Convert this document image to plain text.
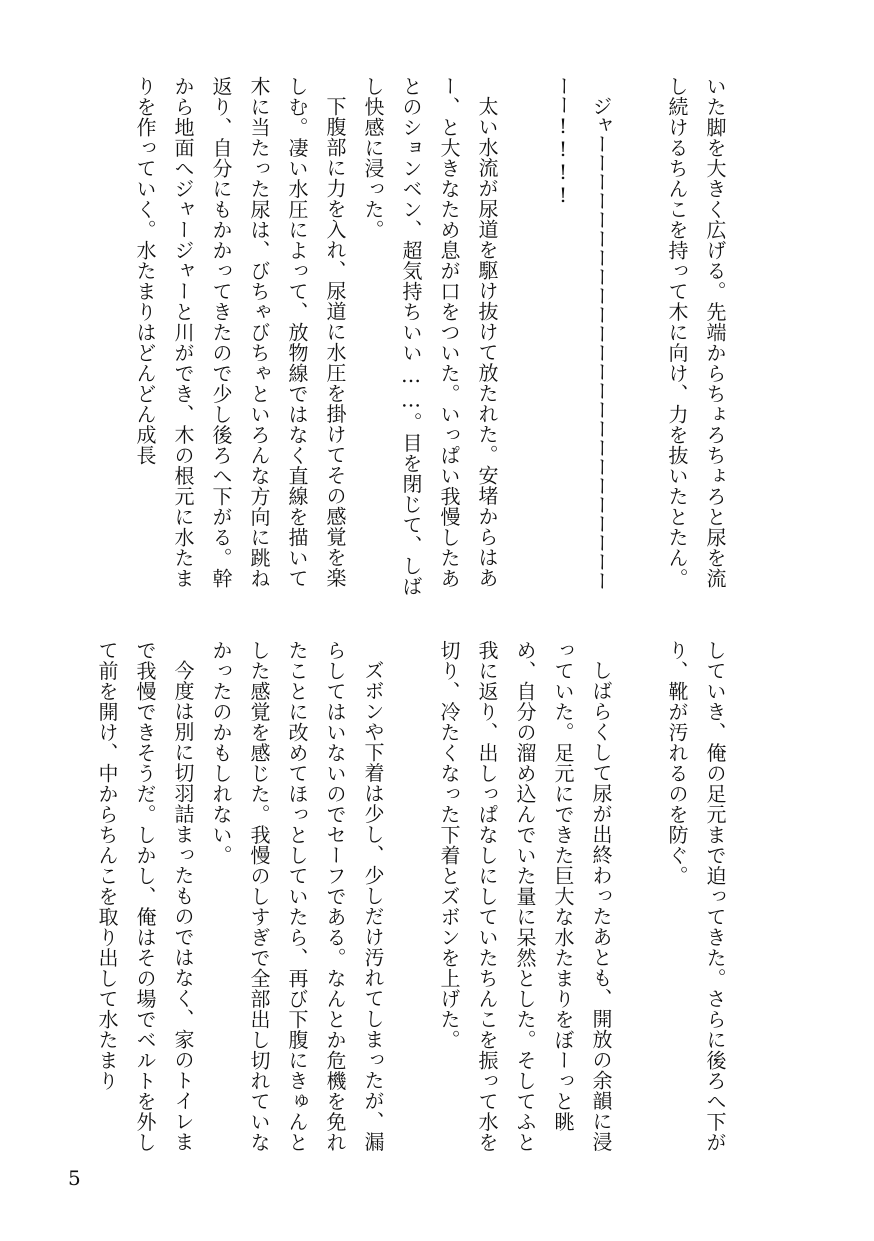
いた脚を大きく広げる。先端からちょろちょろと尿を流し続けるちんこを持って木に向け、力を抜いたとたん。

ジャーーーーーーーーーーーーーーーーーーーーーーーーーー!!!!

太い水流が尿道を駆け抜けて放たれた。安堵からはあー、と大きなため息が口をついた。いっぱい我慢したあとのションベン、超気持ちいい……。目を閉じて、しばし快感に浸った。

下腹部に力を入れ、尿道に水圧を掛けてその感覚を楽しむ。凄い水圧によって、放物線ではなく直線を描いて木に当たった尿は、びちゃびちゃといろんな方向に跳ね返り、自分にもかかってきたので少し後ろへ下がる。幹から地面へジャージャーと川ができ、木の根元に水たまりを作っていく。水たまりはどんどん成長

していき、俺の足元まで迫ってきた。さらに後ろへ下がり、靴が汚れるのを防ぐ。

しばらくして尿が出終わったあとも、開放の余韻に浸っていた。足元にできた巨大な水たまりをぼーっと眺め、自分の溜め込んでいた量に呆然とした。そしてふと我に返り、出しっぱなしにしていたちんこを振って水を切り、冷たくなった下着とズボンを上げた。

ズボンや下着は少し、少しだけ汚れてしまったが、漏らしてはいないのでセーフである。なんとか危機を免れたことに改めてほっとしていたら、再び下腹にきゅんとした感覚を感じた。我慢のしすぎで全部出し切れていなかったのかもしれない。

今度は別に切羽詰まったものではなく、家のトイレまで我慢できそうだ。しかし、俺はその場でベルトを外して前を開け、中からちんこを取り出して水たまり

5
